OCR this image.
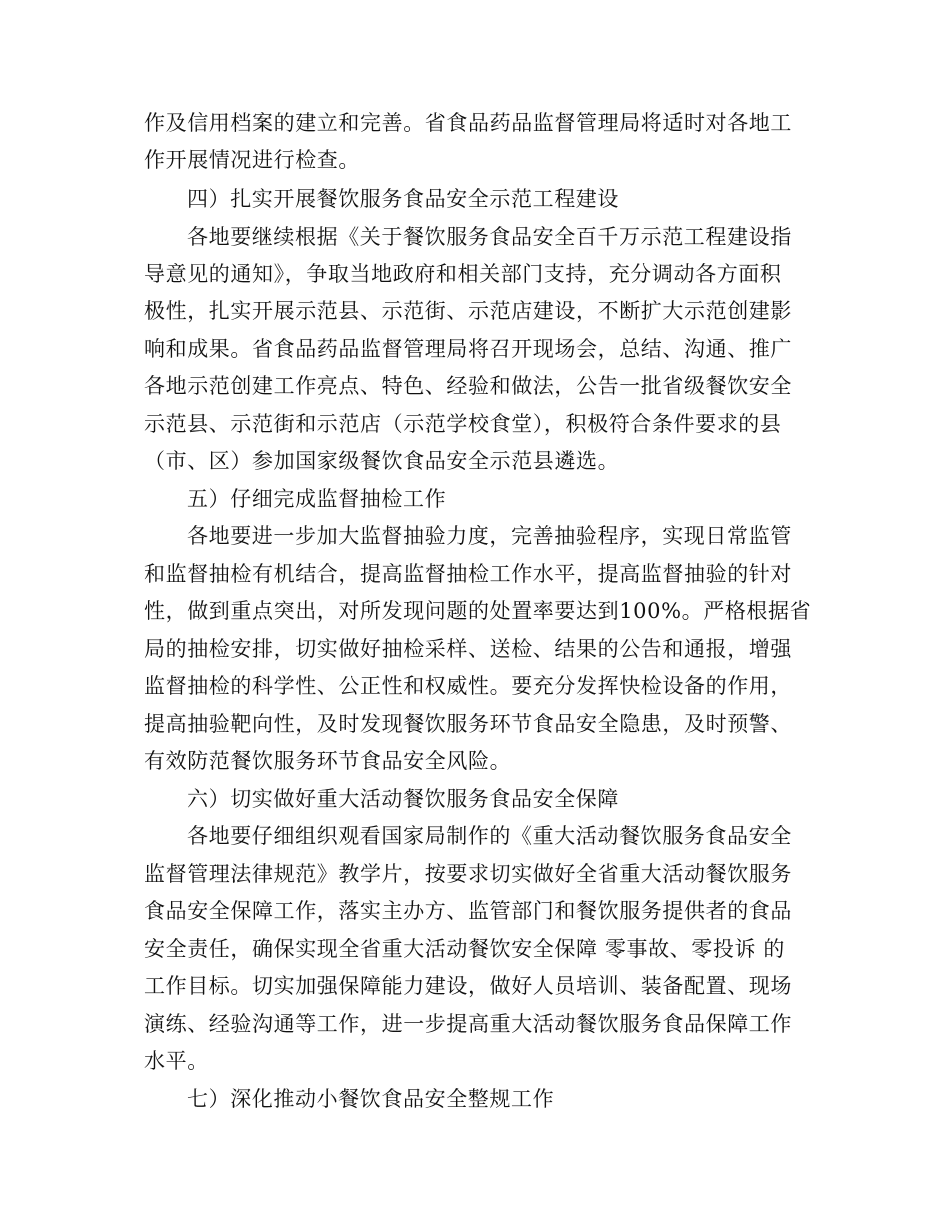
作及信用档案的建立和完善。省食品药品监督管理局将适时对各地工
作开展情况进行检查。
四）扎实开展餐饮服务食品安全示范工程建设
各地要继续根据《关于餐饮服务食品安全百千万示范工程建设指
导意见的通知》，争取当地政府和相关部门支持，充分调动各方面积
极性，扎实开展示范县、示范街、示范店建设，不断扩大示范创建影
响和成果。省食品药品监督管理局将召开现场会，总结、沟通、推广
各地示范创建工作亮点、特色、经验和做法，公告一批省级餐饮安全
示范县、示范街和示范店（示范学校食堂），积极符合条件要求的县
（市、区）参加国家级餐饮食品安全示范县遴选。
五）仔细完成监督抽检工作
各地要进一步加大监督抽验力度，完善抽验程序，实现日常监管
和监督抽检有机结合，提高监督抽检工作水平，提高监督抽验的针对
性，做到重点突出，对所发现问题的处置率要达到100%。严格根据省
局的抽检安排，切实做好抽检采样、送检、结果的公告和通报，增强
监督抽检的科学性、公正性和权威性。要充分发挥快检设备的作用，
提高抽验靶向性，及时发现餐饮服务环节食品安全隐患，及时预警、
有效防范餐饮服务环节食品安全风险。
六）切实做好重大活动餐饮服务食品安全保障
各地要仔细组织观看国家局制作的《重大活动餐饮服务食品安全
监督管理法律规范》教学片，按要求切实做好全省重大活动餐饮服务
食品安全保障工作，落实主办方、监管部门和餐饮服务提供者的食品
安全责任，确保实现全省重大活动餐饮安全保障 零事故、零投诉 的
工作目标。切实加强保障能力建设，做好人员培训、装备配置、现场
演练、经验沟通等工作，进一步提高重大活动餐饮服务食品保障工作
水平。
七）深化推动小餐饮食品安全整规工作
